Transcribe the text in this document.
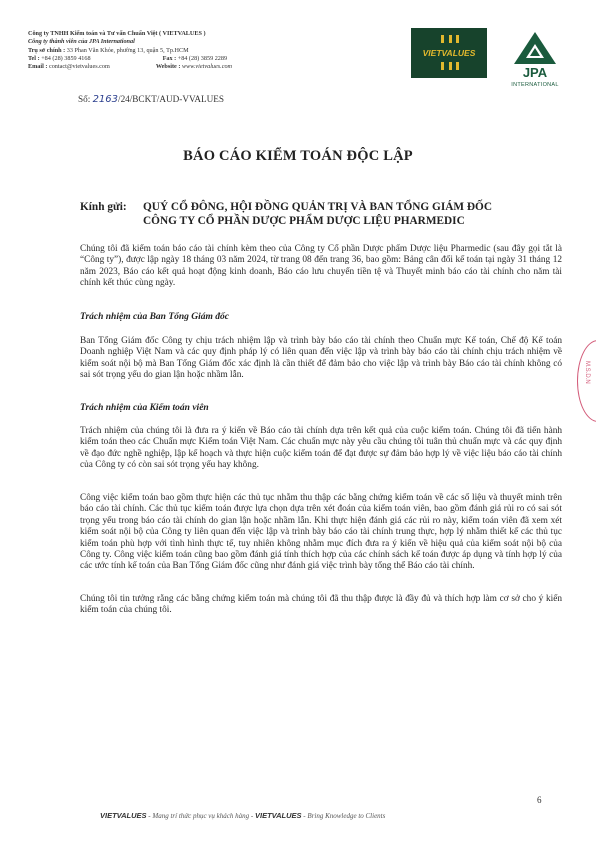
Công ty TNHH Kiểm toán và Tư vấn Chuẩn Việt ( VIETVALUES )
Công ty thành viên của JPA International
Trụ sở chính : 33 Phan Văn Khỏe, phường 13, quận 5, Tp.HCM
Tel : +84 (28) 3859 4168	Fax : +84 (28) 3859 2289
Email : contact@vietvalues.com	Website : www.vietvalues.com
VIETVALUES
JPA
INTERNATIONAL
Số: 2163/24/BCKT/AUD-VVALUES
BÁO CÁO KIỂM TOÁN ĐỘC LẬP
Kính gửi: QUÝ CỔ ĐÔNG, HỘI ĐỒNG QUẢN TRỊ VÀ BAN TỔNG GIÁM ĐỐC
CÔNG TY CỔ PHẦN DƯỢC PHẨM DƯỢC LIỆU PHARMEDIC

Chúng tôi đã kiểm toán báo cáo tài chính kèm theo của Công ty Cổ phần Dược phẩm Dược liệu Pharmedic (sau đây gọi tắt là “Công ty”), được lập ngày 18 tháng 03 năm 2024, từ trang 08 đến trang 36, bao gồm: Bảng cân đối kế toán tại ngày 31 tháng 12 năm 2023, Báo cáo kết quả hoạt động kinh doanh, Báo cáo lưu chuyển tiền tệ và Thuyết minh báo cáo tài chính cho năm tài chính kết thúc cùng ngày.

Trách nhiệm của Ban Tổng Giám đốc

Ban Tổng Giám đốc Công ty chịu trách nhiệm lập và trình bày báo cáo tài chính theo Chuẩn mực Kế toán, Chế độ Kế toán Doanh nghiệp Việt Nam và các quy định pháp lý có liên quan đến việc lập và trình bày báo cáo tài chính chịu trách nhiệm về kiểm soát nội bộ mà Ban Tổng Giám đốc xác định là cần thiết để đảm bảo cho việc lập và trình bày Báo cáo tài chính không có sai sót trọng yếu do gian lận hoặc nhầm lẫn.

Trách nhiệm của Kiểm toán viên

Trách nhiệm của chúng tôi là đưa ra ý kiến về Báo cáo tài chính dựa trên kết quả của cuộc kiểm toán. Chúng tôi đã tiến hành kiểm toán theo các Chuẩn mực Kiểm toán Việt Nam. Các chuẩn mực này yêu cầu chúng tôi tuân thủ chuẩn mực và các quy định về đạo đức nghề nghiệp, lập kế hoạch và thực hiện cuộc kiểm toán để đạt được sự đảm bảo hợp lý về việc liệu báo cáo tài chính của Công ty có còn sai sót trọng yếu hay không.

Công việc kiểm toán bao gồm thực hiện các thủ tục nhằm thu thập các bằng chứng kiểm toán về các số liệu và thuyết minh trên báo cáo tài chính. Các thủ tục kiểm toán được lựa chọn dựa trên xét đoán của kiểm toán viên, bao gồm đánh giá rủi ro có sai sót trọng yếu trong báo cáo tài chính do gian lận hoặc nhầm lẫn. Khi thực hiện đánh giá các rủi ro này, kiểm toán viên đã xem xét kiểm soát nội bộ của Công ty liên quan đến việc lập và trình bày báo cáo tài chính trung thực, hợp lý nhằm thiết kế các thủ tục kiểm toán phù hợp với tình hình thực tế, tuy nhiên không nhằm mục đích đưa ra ý kiến về hiệu quả của kiểm soát nội bộ của Công ty. Công việc kiểm toán cũng bao gồm đánh giá tính thích hợp của các chính sách kế toán được áp dụng và tính hợp lý của các ước tính kế toán của Ban Tổng Giám đốc cũng như đánh giá việc trình bày tổng thể Báo cáo tài chính.

Chúng tôi tin tưởng rằng các bằng chứng kiểm toán mà chúng tôi đã thu thập được là đầy đủ và thích hợp làm cơ sở cho ý kiến kiểm toán của chúng tôi.

M.S.D.N
6
VIETVALUES - Mang trí thức phục vụ khách hàng - VIETVALUES - Bring Knowledge to Clients
